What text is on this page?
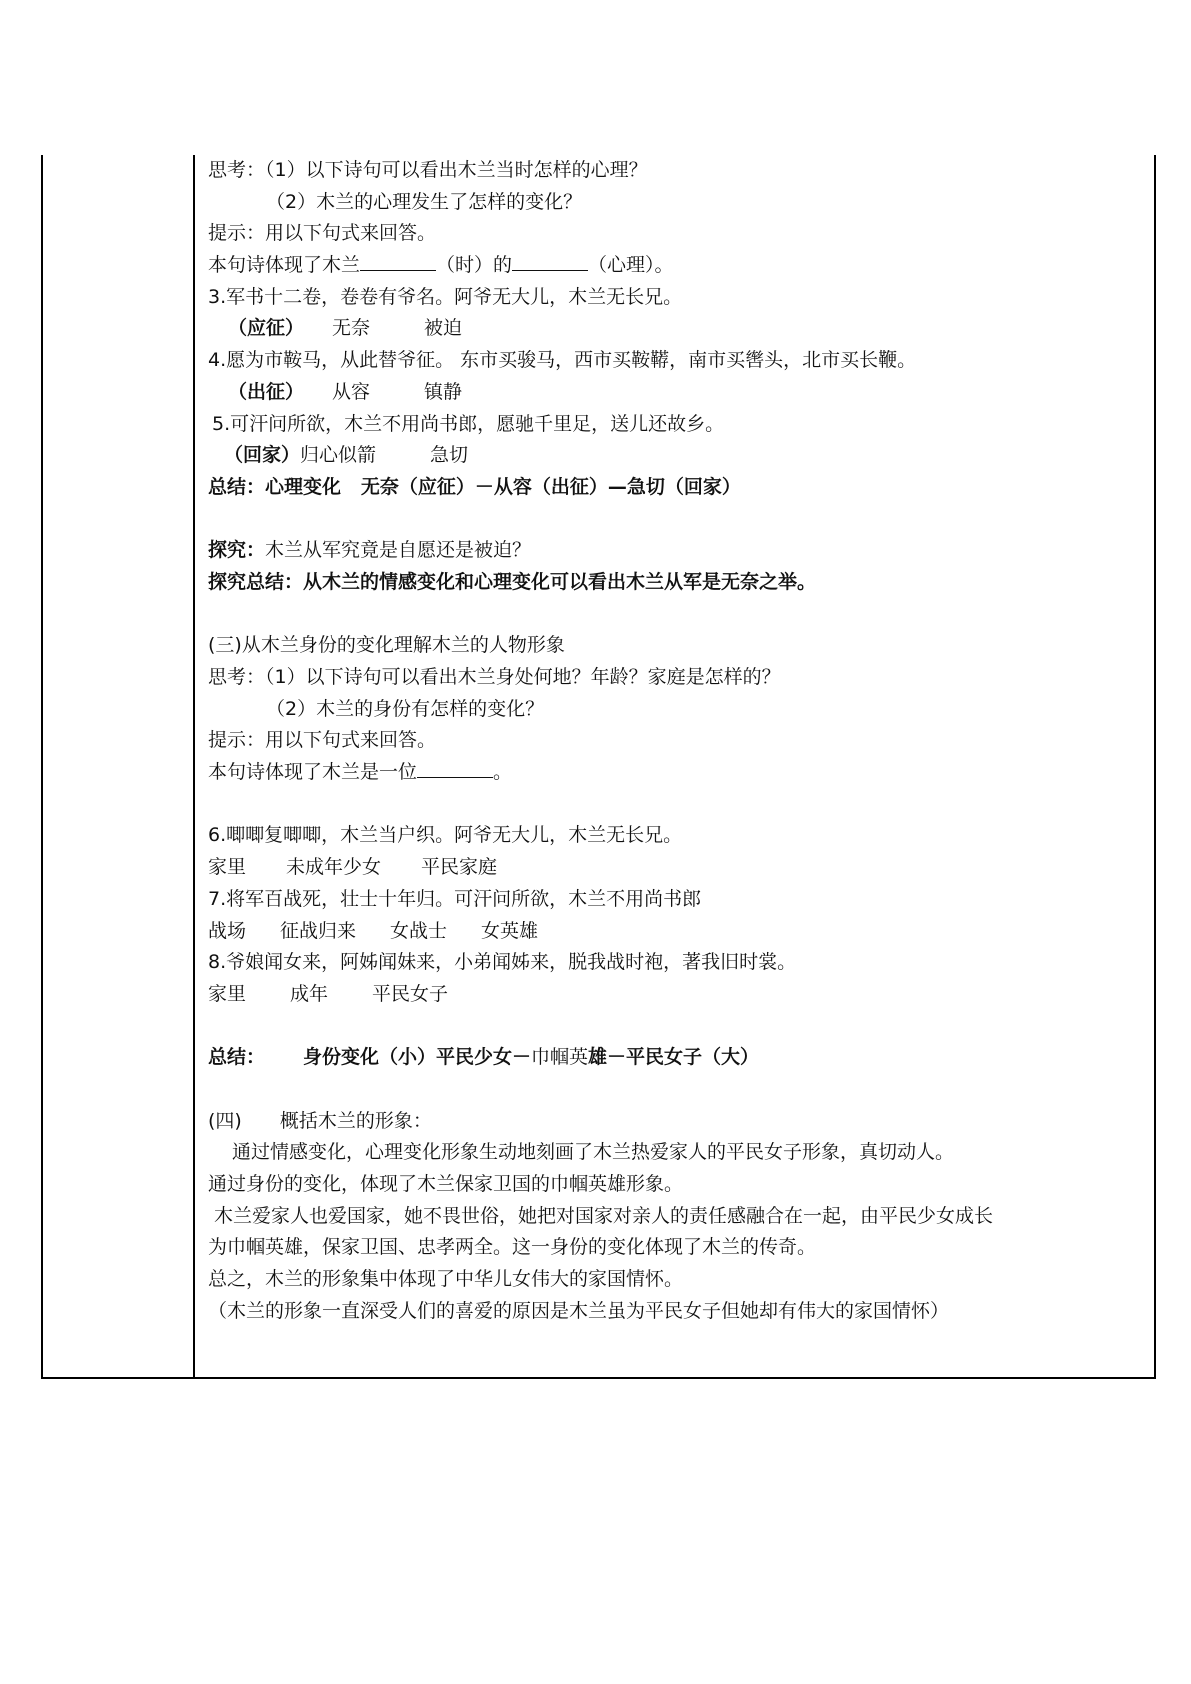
思考：（1）以下诗句可以看出木兰当时怎样的心理？
（2）木兰的心理发生了怎样的变化？
提示：用以下句式来回答。
本句诗体现了木兰	（时）的	（心理）。
3.军书十二卷，卷卷有爷名。阿爷无大儿，木兰无长兄。
（应征） 无奈	被迫
4.愿为市鞍马，从此替爷征。 东市买骏马，西市买鞍鞯，南市买辔头，北市买长鞭。
（出征） 从容	镇静
5.可汗问所欲，木兰不用尚书郎，愿驰千里足，送儿还故乡。
（回家）归心似箭	急切
总结：心理变化   无奈（应征）－从容（出征）—急切（回家）
探究：木兰从军究竟是自愿还是被迫？
探究总结：从木兰的情感变化和心理变化可以看出木兰从军是无奈之举。
(三)从木兰身份的变化理解木兰的人物形象
思考：（1）以下诗句可以看出木兰身处何地？年龄？家庭是怎样的？
（2）木兰的身份有怎样的变化？
提示：用以下句式来回答。
本句诗体现了木兰是一位	。
6.唧唧复唧唧，木兰当户织。阿爷无大儿，木兰无长兄。
家里 未成年少女 平民家庭
7.将军百战死，壮士十年归。可汗问所欲，木兰不用尚书郎
战场 征战归来 女战士 女英雄
8.爷娘闻女来，阿姊闻妹来，小弟闻姊来，脱我战时袍，著我旧时裳。
家里 成年 平民女子
总结： 身份变化（小）平民少女－巾帼英雄－平民女子（大）
(四) 概括木兰的形象：
通过情感变化，心理变化形象生动地刻画了木兰热爱家人的平民女子形象，真切动人。
通过身份的变化，体现了木兰保家卫国的巾帼英雄形象。
木兰爱家人也爱国家，她不畏世俗，她把对国家对亲人的责任感融合在一起，由平民少女成长
为巾帼英雄，保家卫国、忠孝两全。这一身份的变化体现了木兰的传奇。
总之，木兰的形象集中体现了中华儿女伟大的家国情怀。
（木兰的形象一直深受人们的喜爱的原因是木兰虽为平民女子但她却有伟大的家国情怀）
